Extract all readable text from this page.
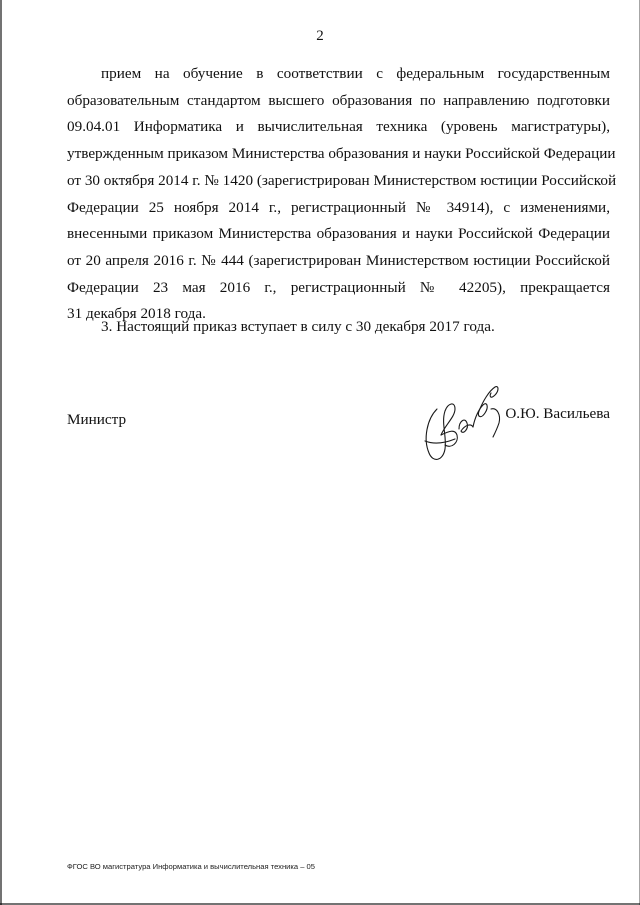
2
прием на обучение в соответствии с федеральным государственным
образовательным стандартом высшего образования по направлению подготовки
09.04.01 Информатика и вычислительная техника (уровень магистратуры),
утвержденным приказом Министерства образования и науки Российской Федерации
от 30 октября 2014 г. № 1420 (зарегистрирован Министерством юстиции Российской
Федерации 25 ноября 2014 г., регистрационный № 34914), с изменениями,
внесенными приказом Министерства образования и науки Российской Федерации
от 20 апреля 2016 г. № 444 (зарегистрирован Министерством юстиции Российской
Федерации 23 мая 2016 г., регистрационный № 42205), прекращается
31 декабря 2018 года.
3. Настоящий приказ вступает в силу с 30 декабря 2017 года.
Министр	О.Ю. Васильева
ФГОС ВО магистратура Информатика и вычислительная техника – 05
